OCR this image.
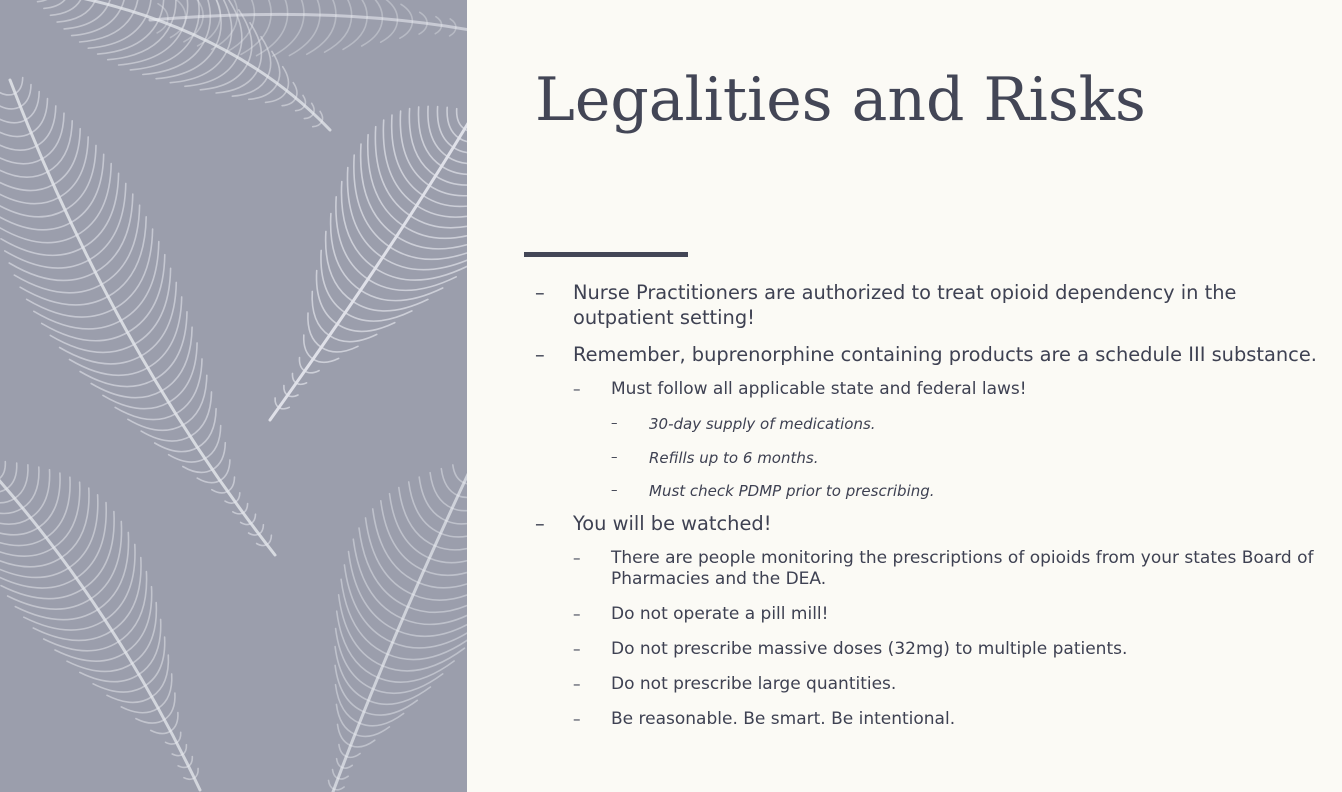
Legalities and Risks
– Nurse Practitioners are authorized to treat opioid dependency in the outpatient setting!
– Remember, buprenorphine containing products are a schedule III substance.
– Must follow all applicable state and federal laws!
– 30-day supply of medications.
– Refills up to 6 months.
– Must check PDMP prior to prescribing.
– You will be watched!
– There are people monitoring the prescriptions of opioids from your states Board of Pharmacies and the DEA.
– Do not operate a pill mill!
– Do not prescribe massive doses (32mg) to multiple patients.
– Do not prescribe large quantities.
– Be reasonable. Be smart. Be intentional.
